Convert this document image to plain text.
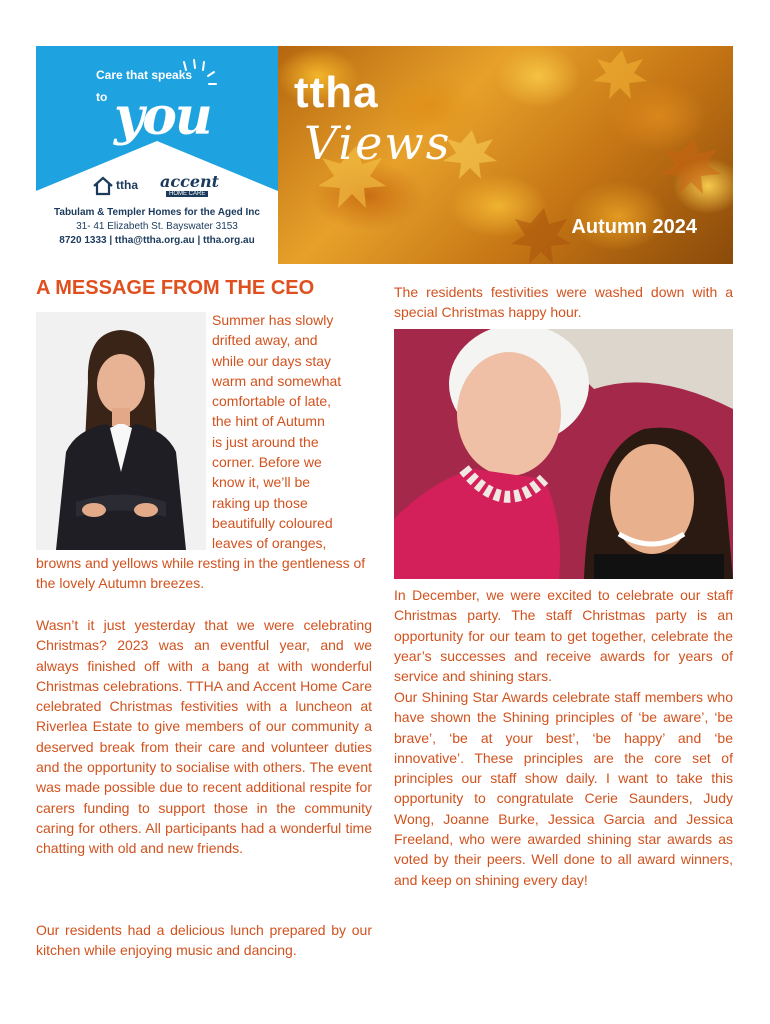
Care that speaks
to you
ttha accent
HOME CARE
Tabulam & Templer Homes for the Aged Inc
31- 41 Elizabeth St. Bayswater 3153
8720 1333 | ttha@ttha.org.au | ttha.org.au
ttha
Views
Autumn 2024
A MESSAGE FROM THE CEO
Summer has slowly
drifted away, and
while our days stay
warm and somewhat
comfortable of late,
the hint of Autumn
is just around the
corner. Before we
know it, we’ll be
raking up those
beautifully coloured
leaves of oranges,
browns and yellows while resting in the gentleness of the lovely Autumn breezes.
Wasn’t it just yesterday that we were celebrating Christmas? 2023 was an eventful year, and we always finished off with a bang at with wonderful Christmas celebrations. TTHA and Accent Home Care celebrated Christmas festivities with a luncheon at Riverlea Estate to give members of our community a deserved break from their care and volunteer duties and the opportunity to socialise with others. The event was made possible due to recent additional respite for carers funding to support those in the community caring for others. All participants had a wonderful time chatting with old and new friends.
Our residents had a delicious lunch prepared by our kitchen while enjoying music and dancing.
The residents festivities were washed down with a special Christmas happy hour.
In December, we were excited to celebrate our staff Christmas party. The staff Christmas party is an opportunity for our team to get together, celebrate the year’s successes and receive awards for years of service and shining stars.
Our Shining Star Awards celebrate staff members who have shown the Shining principles of ‘be aware’, ‘be brave’, ‘be at your best’, ‘be happy’ and ‘be innovative’. These principles are the core set of principles our staff show daily. I want to take this opportunity to congratulate Cerie Saunders, Judy Wong, Joanne Burke, Jessica Garcia and Jessica Freeland, who were awarded shining star awards as voted by their peers. Well done to all award winners, and keep on shining every day!
